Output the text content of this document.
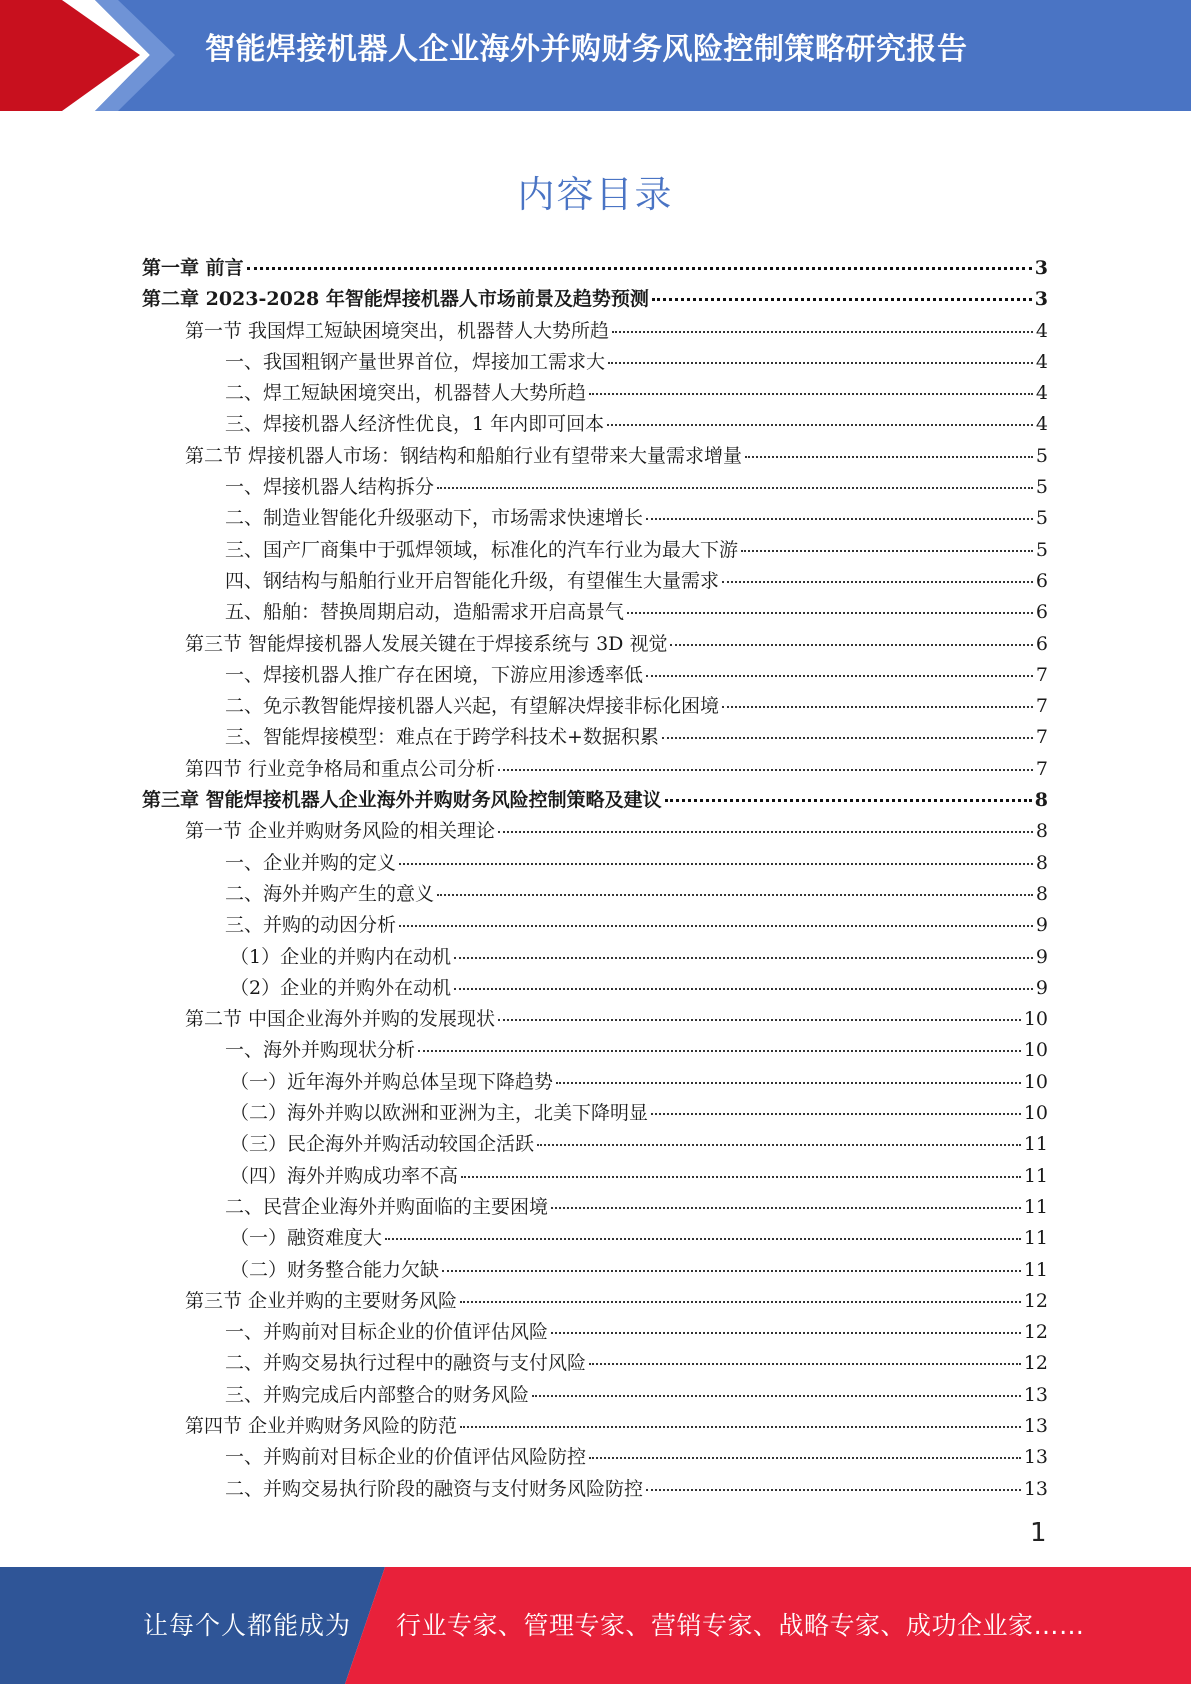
智能焊接机器人企业海外并购财务风险控制策略研究报告
内容目录
第一章 前言	3
第二章 2023-2028 年智能焊接机器人市场前景及趋势预测	3
第一节 我国焊工短缺困境突出，机器替人大势所趋	4
一、我国粗钢产量世界首位，焊接加工需求大	4
二、焊工短缺困境突出，机器替人大势所趋	4
三、焊接机器人经济性优良，1 年内即可回本	4
第二节 焊接机器人市场：钢结构和船舶行业有望带来大量需求增量	5
一、焊接机器人结构拆分	5
二、制造业智能化升级驱动下，市场需求快速增长	5
三、国产厂商集中于弧焊领域，标准化的汽车行业为最大下游	5
四、钢结构与船舶行业开启智能化升级，有望催生大量需求	6
五、船舶：替换周期启动，造船需求开启高景气	6
第三节 智能焊接机器人发展关键在于焊接系统与 3D 视觉	6
一、焊接机器人推广存在困境，下游应用渗透率低	7
二、免示教智能焊接机器人兴起，有望解决焊接非标化困境	7
三、智能焊接模型：难点在于跨学科技术+数据积累	7
第四节 行业竞争格局和重点公司分析	7
第三章 智能焊接机器人企业海外并购财务风险控制策略及建议	8
第一节 企业并购财务风险的相关理论	8
一、企业并购的定义	8
二、海外并购产生的意义	8
三、并购的动因分析	9
（1）企业的并购内在动机	9
（2）企业的并购外在动机	9
第二节 中国企业海外并购的发展现状	10
一、海外并购现状分析	10
（一）近年海外并购总体呈现下降趋势	10
（二）海外并购以欧洲和亚洲为主，北美下降明显	10
（三）民企海外并购活动较国企活跃	11
（四）海外并购成功率不高	11
二、民营企业海外并购面临的主要困境	11
（一）融资难度大	11
（二）财务整合能力欠缺	11
第三节 企业并购的主要财务风险	12
一、并购前对目标企业的价值评估风险	12
二、并购交易执行过程中的融资与支付风险	12
三、并购完成后内部整合的财务风险	13
第四节 企业并购财务风险的防范	13
一、并购前对目标企业的价值评估风险防控	13
二、并购交易执行阶段的融资与支付财务风险防控	13
1
让每个人都能成为 行业专家、管理专家、营销专家、战略专家、成功企业家……
